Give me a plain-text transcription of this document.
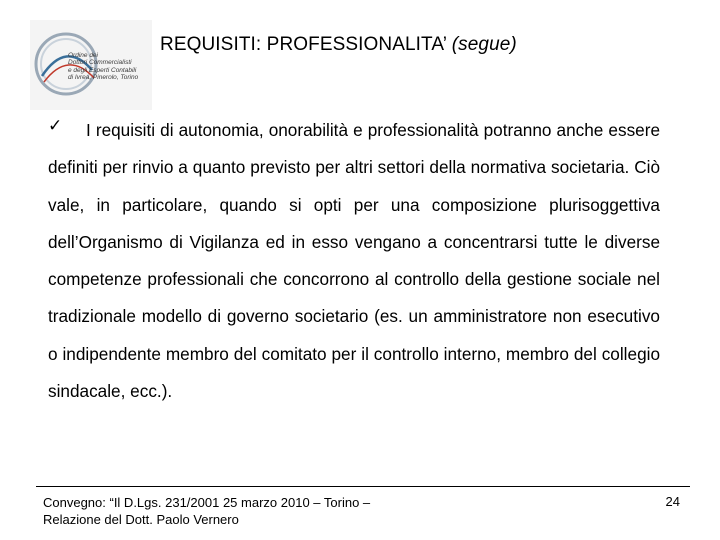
Ordine dei
Dottori Commercialisti
e degli Esperti Contabili
di Ivrea, Pinerolo, Torino
REQUISITI: PROFESSIONALITA’ (segue)
✓	I requisiti di autonomia, onorabilità e professionalità potranno anche essere definiti per rinvio a quanto previsto per altri settori della normativa societaria. Ciò vale, in particolare, quando si opti per una composizione plurisoggettiva dell’Organismo di Vigilanza ed in esso vengano a concentrarsi tutte le diverse competenze professionali che concorrono al controllo della gestione sociale nel tradizionale modello di governo societario (es. un amministratore non esecutivo o indipendente membro del comitato per il controllo interno, membro del collegio sindacale, ecc.).
Convegno: “Il D.Lgs. 231/2001 25 marzo 2010 – Torino –
Relazione del Dott. Paolo Vernero
24
